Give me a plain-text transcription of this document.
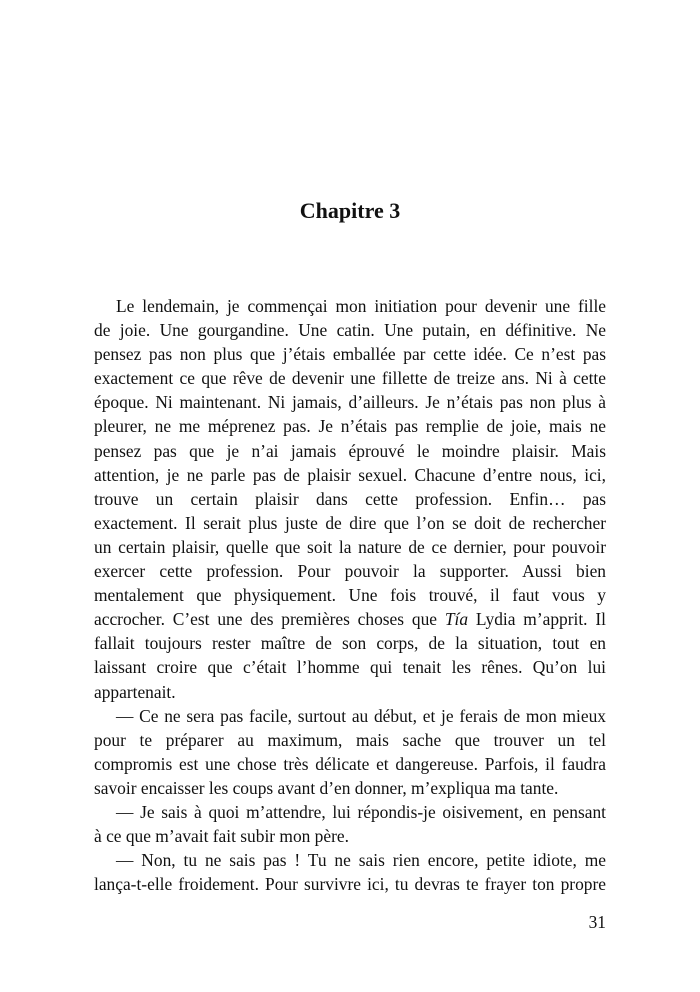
Chapitre 3
Le lendemain, je commençai mon initiation pour devenir une fille
de joie. Une gourgandine. Une catin. Une putain, en définitive. Ne
pensez pas non plus que j’étais emballée par cette idée. Ce n’est pas
exactement ce que rêve de devenir une fillette de treize ans. Ni à cette
époque. Ni maintenant. Ni jamais, d’ailleurs. Je n’étais pas non plus à
pleurer, ne me méprenez pas. Je n’étais pas remplie de joie, mais ne
pensez pas que je n’ai jamais éprouvé le moindre plaisir. Mais
attention, je ne parle pas de plaisir sexuel. Chacune d’entre nous, ici,
trouve un certain plaisir dans cette profession. Enfin… pas
exactement. Il serait plus juste de dire que l’on se doit de rechercher
un certain plaisir, quelle que soit la nature de ce dernier, pour pouvoir
exercer cette profession. Pour pouvoir la supporter. Aussi bien
mentalement que physiquement. Une fois trouvé, il faut vous y
accrocher. C’est une des premières choses que Tía Lydia m’apprit. Il
fallait toujours rester maître de son corps, de la situation, tout en
laissant croire que c’était l’homme qui tenait les rênes. Qu’on lui
appartenait.
— Ce ne sera pas facile, surtout au début, et je ferais de mon mieux
pour te préparer au maximum, mais sache que trouver un tel
compromis est une chose très délicate et dangereuse. Parfois, il faudra
savoir encaisser les coups avant d’en donner, m’expliqua ma tante.
— Je sais à quoi m’attendre, lui répondis-je oisivement, en pensant
à ce que m’avait fait subir mon père.
— Non, tu ne sais pas ! Tu ne sais rien encore, petite idiote, me
lança-t-elle froidement. Pour survivre ici, tu devras te frayer ton propre
31
